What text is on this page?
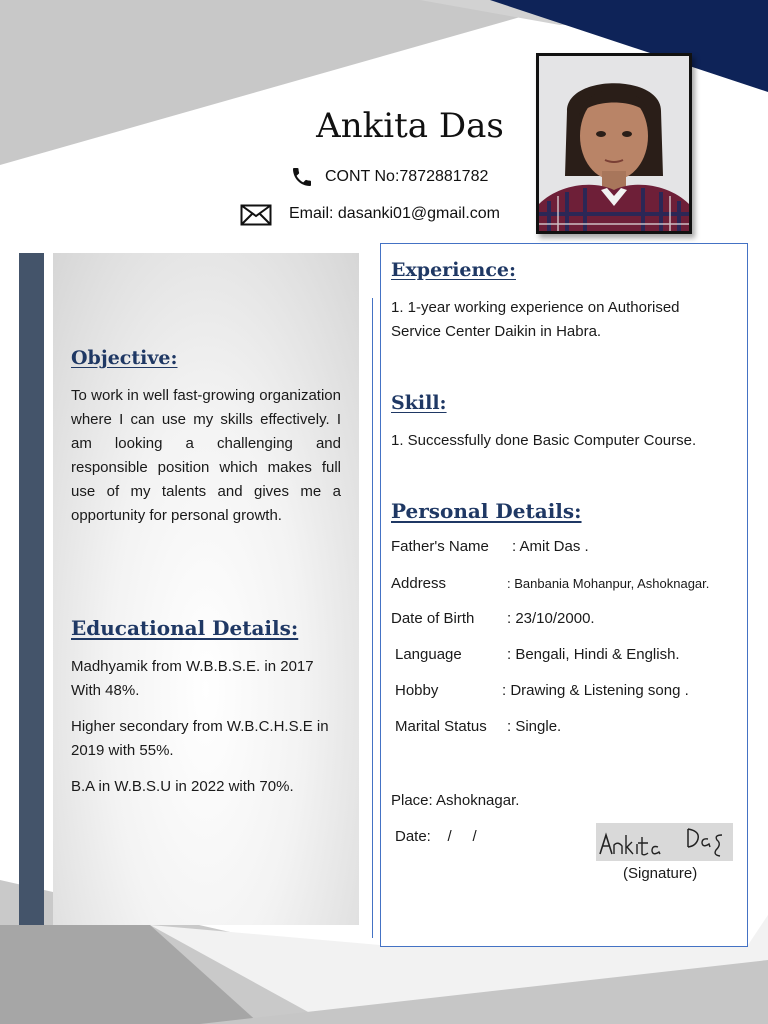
Ankita Das
CONT No:7872881782
Email: dasanki01@gmail.com
Objective:
To work in well fast-growing organization where I can use my skills effectively. I am looking a challenging and responsible position which makes full use of my talents and gives me a opportunity for personal growth.
Educational Details:
Madhyamik from W.B.B.S.E. in 2017 With 48%.
Higher secondary from W.B.C.H.S.E in 2019 with 55%.
B.A in W.B.S.U in 2022 with 70%.
Experience:
1. 1-year working experience on Authorised Service Center Daikin in Habra.
Skill:
1. Successfully done Basic Computer Course.
Personal Details:
Father's Name : Amit Das .
Address	: Banbania Mohanpur, Ashoknagar.
Date of Birth : 23/10/2000.
Language	: Bengali, Hindi & English.
Hobby	: Drawing & Listening song .
Marital Status : Single.
Place: Ashoknagar.
Date:    /     /
(Signature)
